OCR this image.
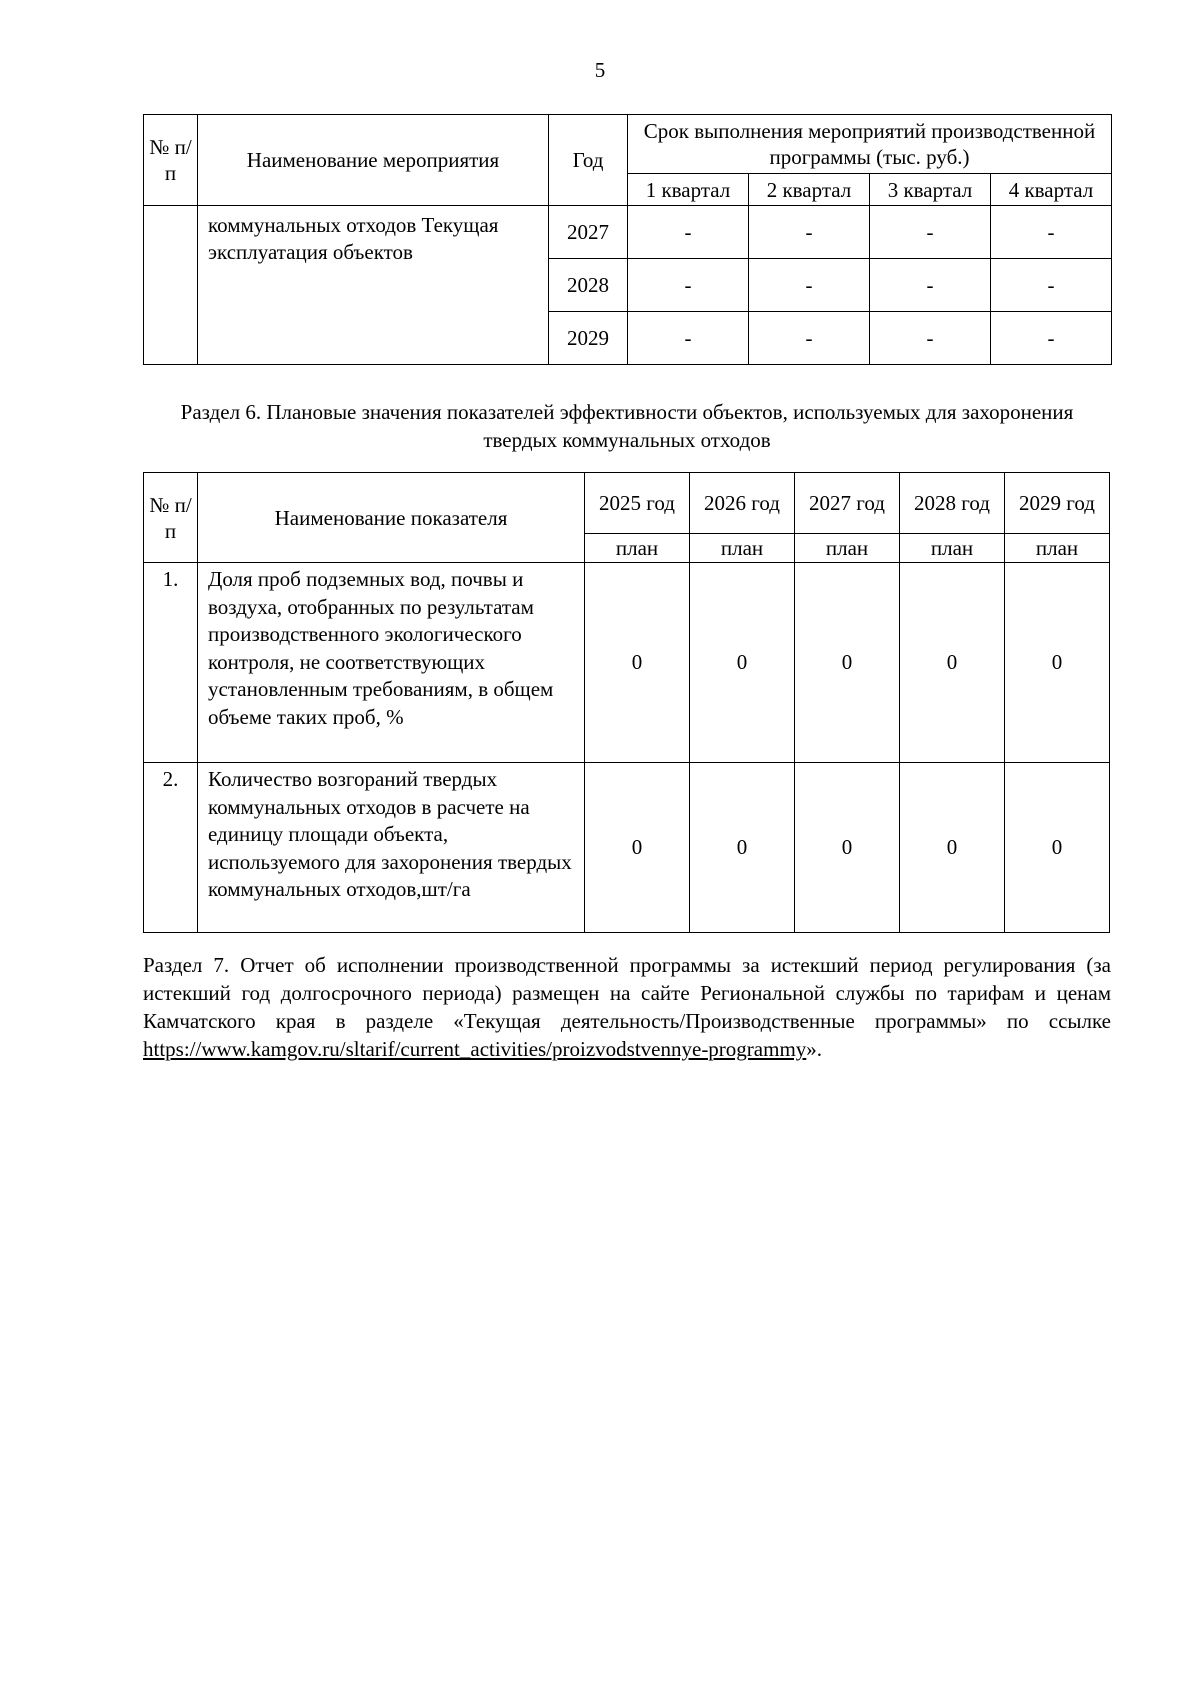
5
№ п/п	Наименование мероприятия	Год	Срок выполнения мероприятий производственной программы (тыс. руб.)			
			1 квартал	2 квартал	3 квартал	4 квартал
	коммунальных отходов Текущая эксплуатация объектов	2027	-	-	-	-
		2028	-	-	-	-
		2029	-	-	-	-
Раздел 6. Плановые значения показателей эффективности объектов, используемых для захоронения твердых коммунальных отходов
№ п/п	Наименование показателя	2025 год	2026 год	2027 год	2028 год	2029 год
		план	план	план	план	план
1.	Доля проб подземных вод, почвы и воздуха, отобранных по результатам производственного экологического контроля, не соответствующих установленным требованиям, в общем объеме таких проб, %	0	0	0	0	0
2.	Количество возгораний твердых коммунальных отходов в расчете на единицу площади объекта, используемого для захоронения твердых коммунальных отходов,шт/га	0	0	0	0	0
Раздел 7. Отчет об исполнении производственной программы за истекший период регулирования (за истекший год долгосрочного периода) размещен на сайте Региональной службы по тарифам и ценам Камчатского края в разделе «Текущая деятельность/Производственные программы» по ссылке
https://www.kamgov.ru/sltarif/current_activities/proizvodstvennye-programmy».
